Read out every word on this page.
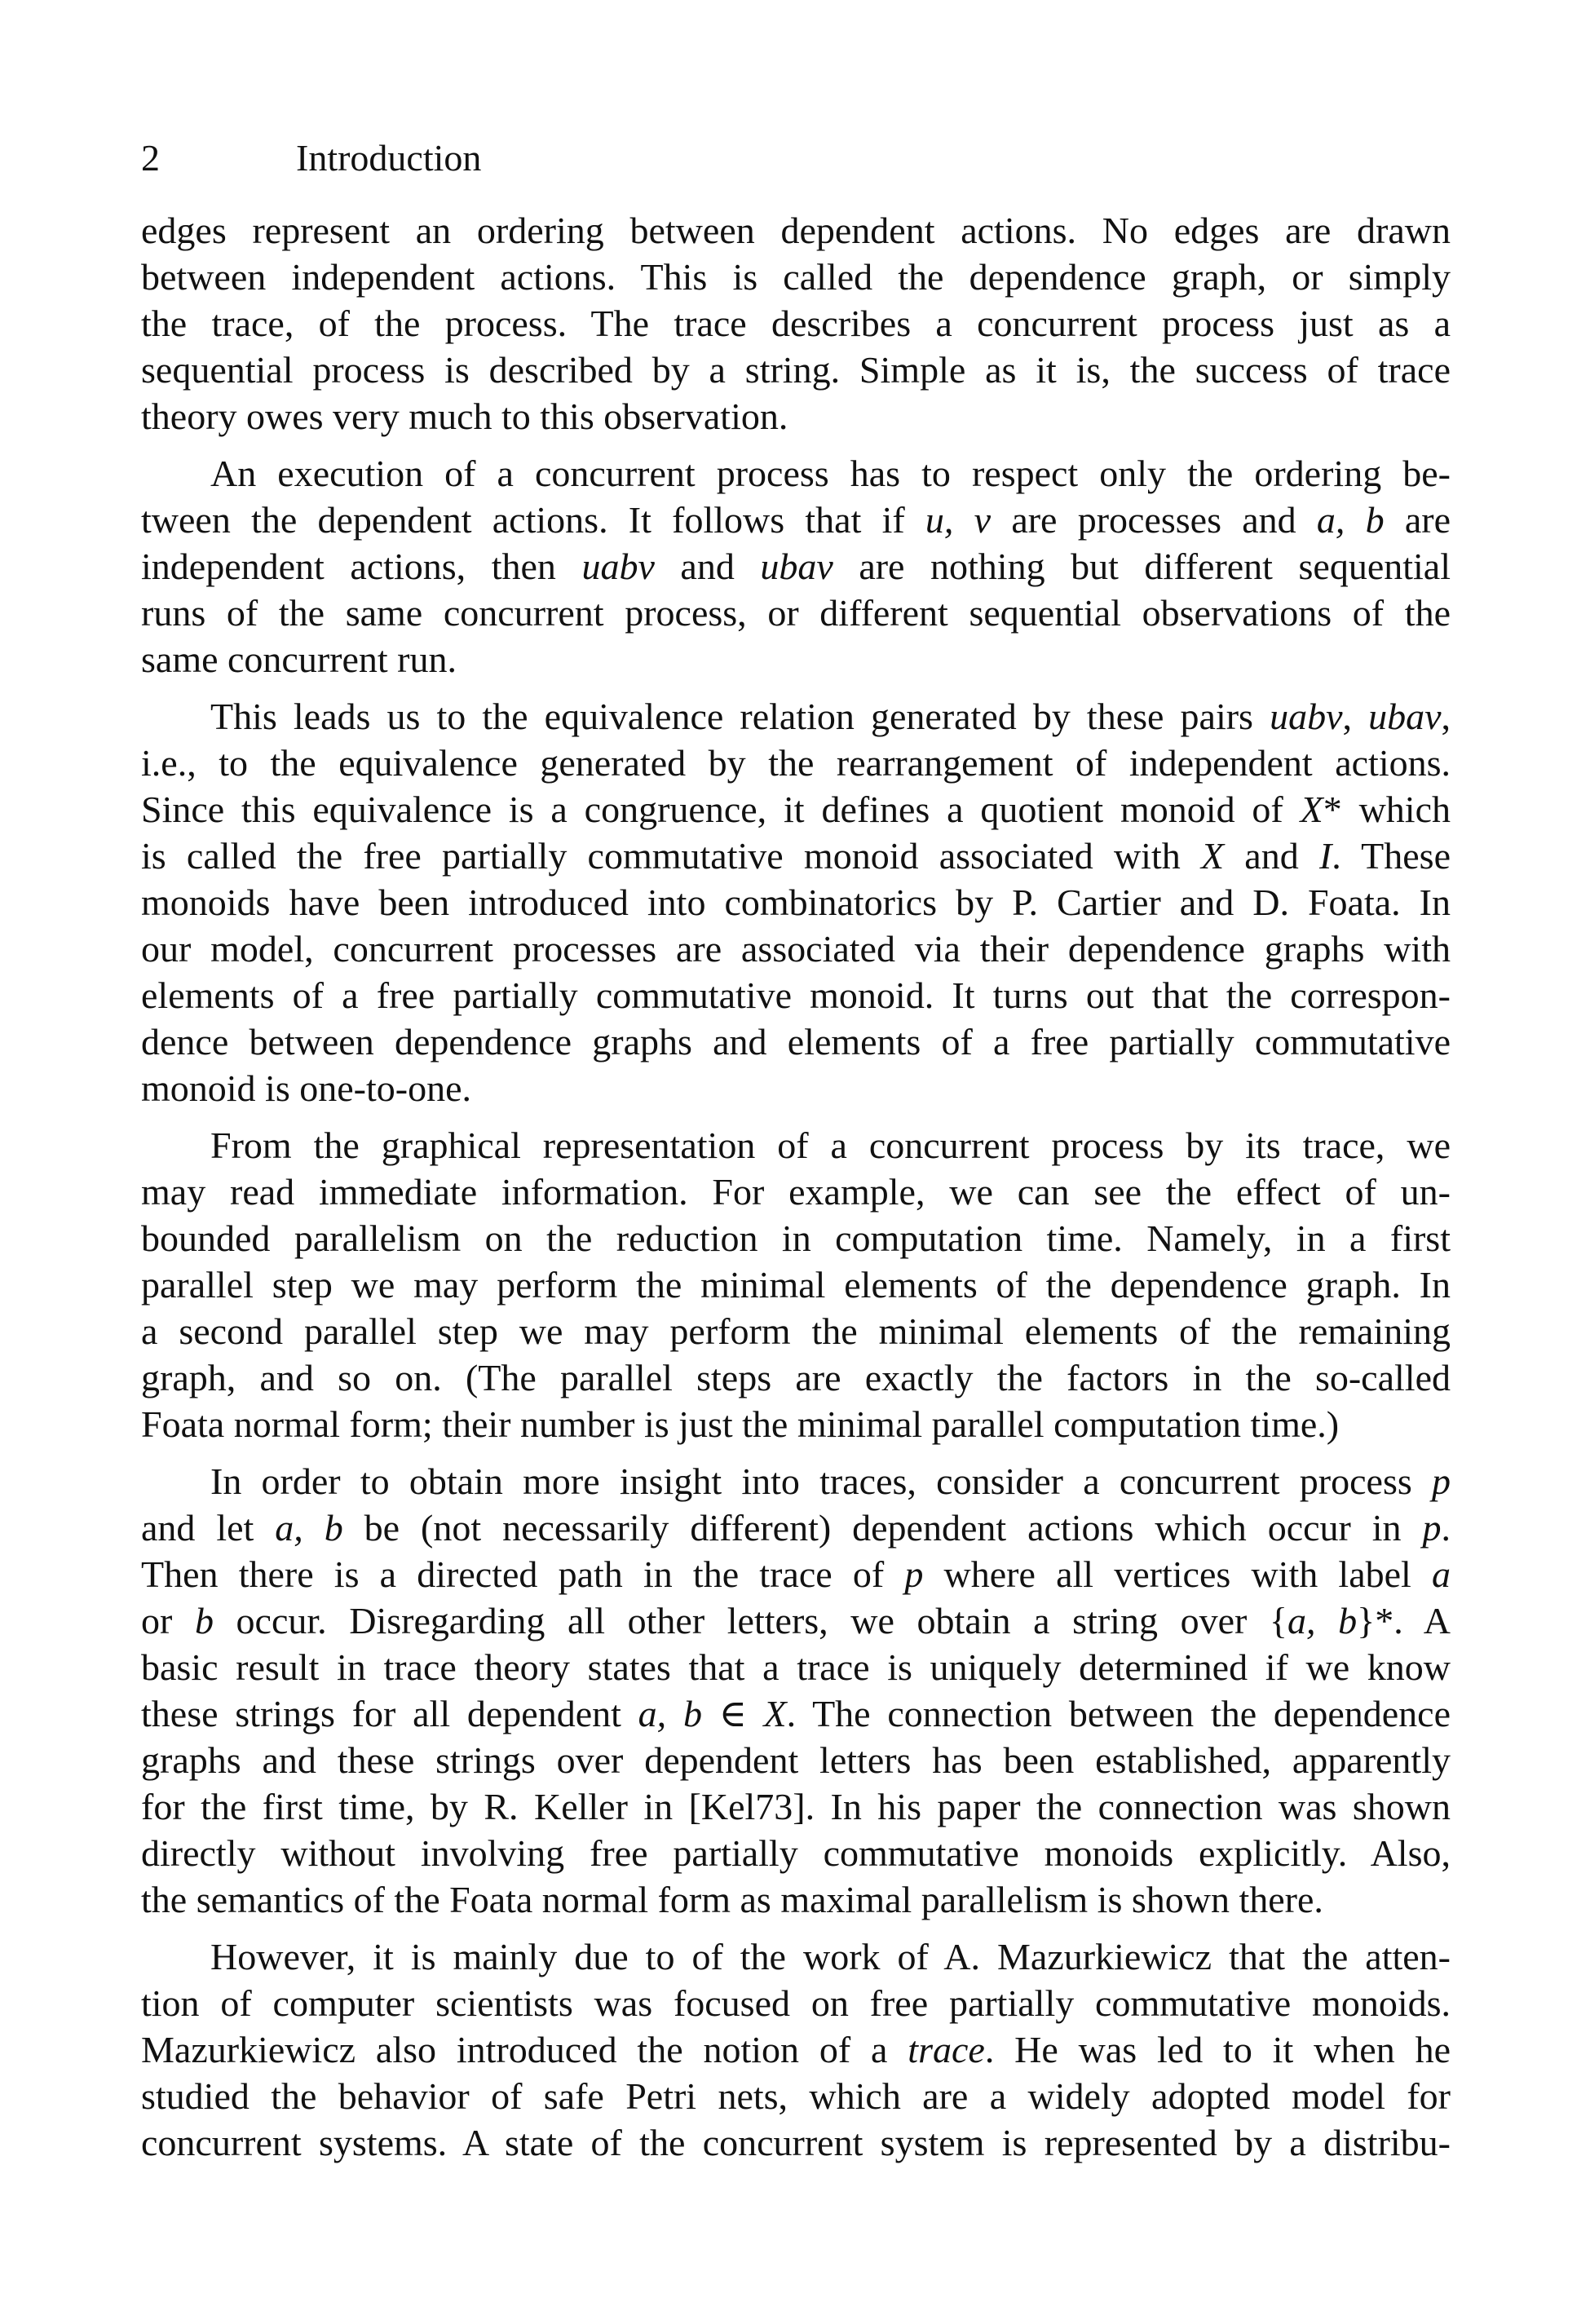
2	Introduction
edges represent an ordering between dependent actions. No edges are drawn
between independent actions. This is called the dependence graph, or simply
the trace, of the process. The trace describes a concurrent process just as a
sequential process is described by a string. Simple as it is, the success of trace
theory owes very much to this observation.
An execution of a concurrent process has to respect only the ordering be-
tween the dependent actions. It follows that if u, v are processes and a, b are
independent actions, then uabv and ubav are nothing but different sequential
runs of the same concurrent process, or different sequential observations of the
same concurrent run.
This leads us to the equivalence relation generated by these pairs uabv, ubav,
i.e., to the equivalence generated by the rearrangement of independent actions.
Since this equivalence is a congruence, it defines a quotient monoid of X* which
is called the free partially commutative monoid associated with X and I. These
monoids have been introduced into combinatorics by P. Cartier and D. Foata. In
our model, concurrent processes are associated via their dependence graphs with
elements of a free partially commutative monoid. It turns out that the correspon-
dence between dependence graphs and elements of a free partially commutative
monoid is one-to-one.
From the graphical representation of a concurrent process by its trace, we
may read immediate information. For example, we can see the effect of un-
bounded parallelism on the reduction in computation time. Namely, in a first
parallel step we may perform the minimal elements of the dependence graph. In
a second parallel step we may perform the minimal elements of the remaining
graph, and so on. (The parallel steps are exactly the factors in the so-called
Foata normal form; their number is just the minimal parallel computation time.)
In order to obtain more insight into traces, consider a concurrent process p
and let a, b be (not necessarily different) dependent actions which occur in p.
Then there is a directed path in the trace of p where all vertices with label a
or b occur. Disregarding all other letters, we obtain a string over {a, b}*. A
basic result in trace theory states that a trace is uniquely determined if we know
these strings for all dependent a, b ∈ X. The connection between the dependence
graphs and these strings over dependent letters has been established, apparently
for the first time, by R. Keller in [Kel73]. In his paper the connection was shown
directly without involving free partially commutative monoids explicitly. Also,
the semantics of the Foata normal form as maximal parallelism is shown there.
However, it is mainly due to of the work of A. Mazurkiewicz that the atten-
tion of computer scientists was focused on free partially commutative monoids.
Mazurkiewicz also introduced the notion of a trace. He was led to it when he
studied the behavior of safe Petri nets, which are a widely adopted model for
concurrent systems. A state of the concurrent system is represented by a distribu-
